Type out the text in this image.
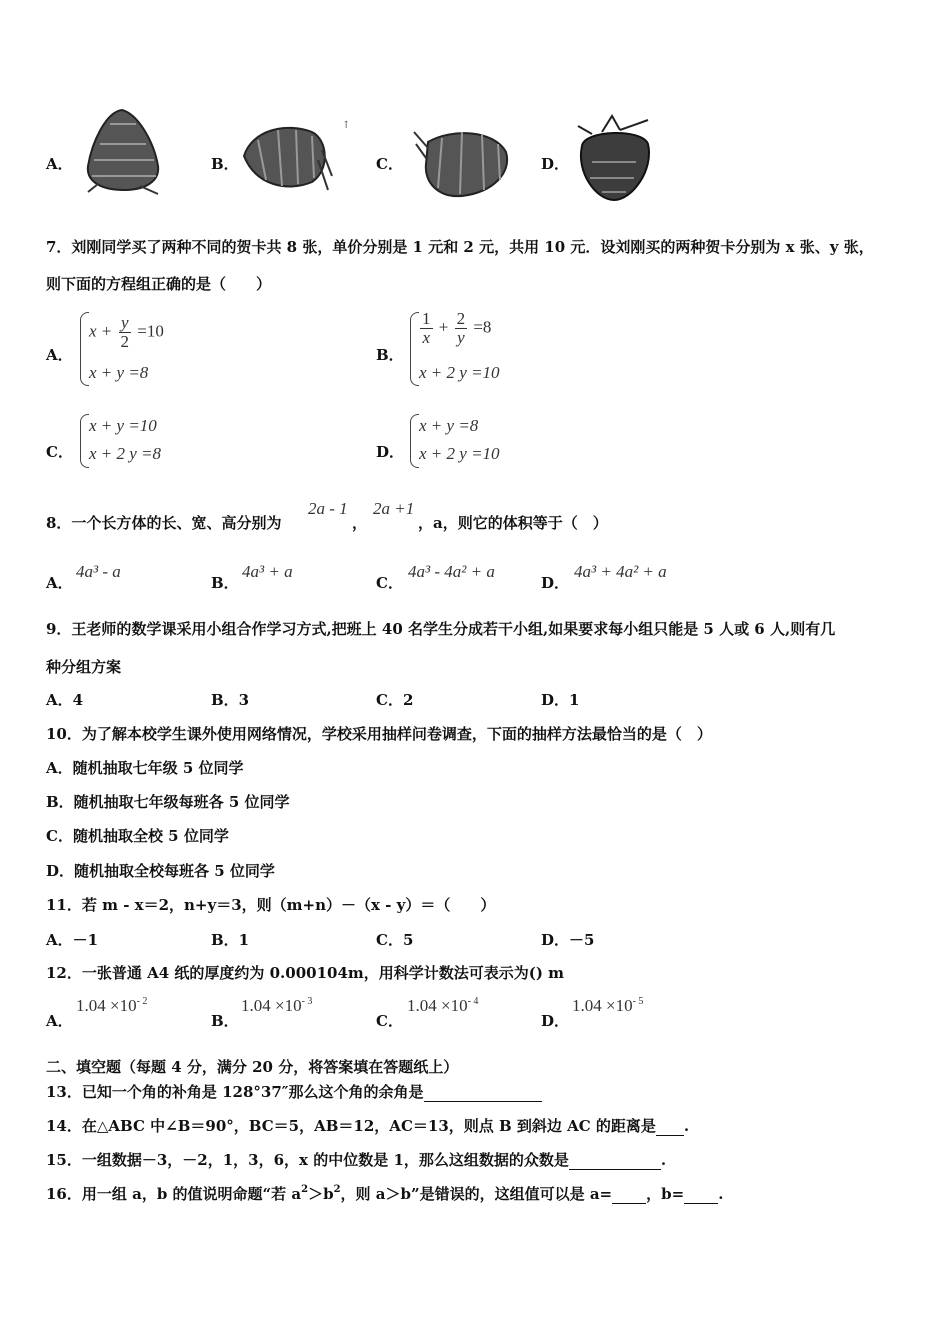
A．	B．
↑
C．	D．
7．刘刚同学买了两种不同的贺卡共 8 张，单价分别是 1 元和 2 元，共用 10 元．设刘刚买的两种贺卡分别为 x 张、y 张，
则下面的方程组正确的是（　　）
A．
$x + \frac{y}{2} =10$
x + y =8
B．
$\frac{1}{x} + \frac{2}{y} =8$
x + 2 y =10
C．
x + y =10
x + 2 y =8	D．
x + y =8
x + 2 y =10
8．一个长方体的长、宽、高分别为
2a - 1
，
2a +1
，a，则它的体积等于（　）
A．
4a³ - a
B．
4a³ + a
C．
4a³ - 4a² + a
D．
4a³ + 4a² + a
9．王老师的数学课采用小组合作学习方式,把班上 40 名学生分成若干小组,如果要求每小组只能是 5 人或 6 人,则有几
种分组方案
A．4	B．3	C．2	D．1
10．为了解本校学生课外使用网络情况，学校采用抽样问卷调查，下面的抽样方法最恰当的是（　）
A．随机抽取七年级 5 位同学
B．随机抽取七年级每班各 5 位同学
C．随机抽取全校 5 位同学
D．随机抽取全校每班各 5 位同学
11．若 m - x＝2，n+y＝3，则（m+n）－（x - y）＝（　　）
A．－1	B．1	C．5	D．－5
12．一张普通 A4 纸的厚度约为 0.000104m，用科学计数法可表示为() m
A．
$1.04 \times 10^{- 2}$
B．
$1.04 \times 10^{- 3}$
C．
$1.04 \times 10^{- 4}$
D．
$1.04 \times 10^{- 5}$
二、填空题（每题 4 分，满分 20 分，将答案填在答题纸上）
13．已知一个角的补角是 128°37″那么这个角的余角是
14．在△ABC 中∠B＝90°，BC＝5，AB＝12，AC＝13，则点 B 到斜边 AC 的距离是 .
15．一组数据－3，－2，1，3，6，x 的中位数是 1，那么这组数据的众数是	.
16．用一组 a，b 的值说明命题“若 $a^2>b^2$，则 a＞b”是错误的，这组值可以是 a= ，b= .
